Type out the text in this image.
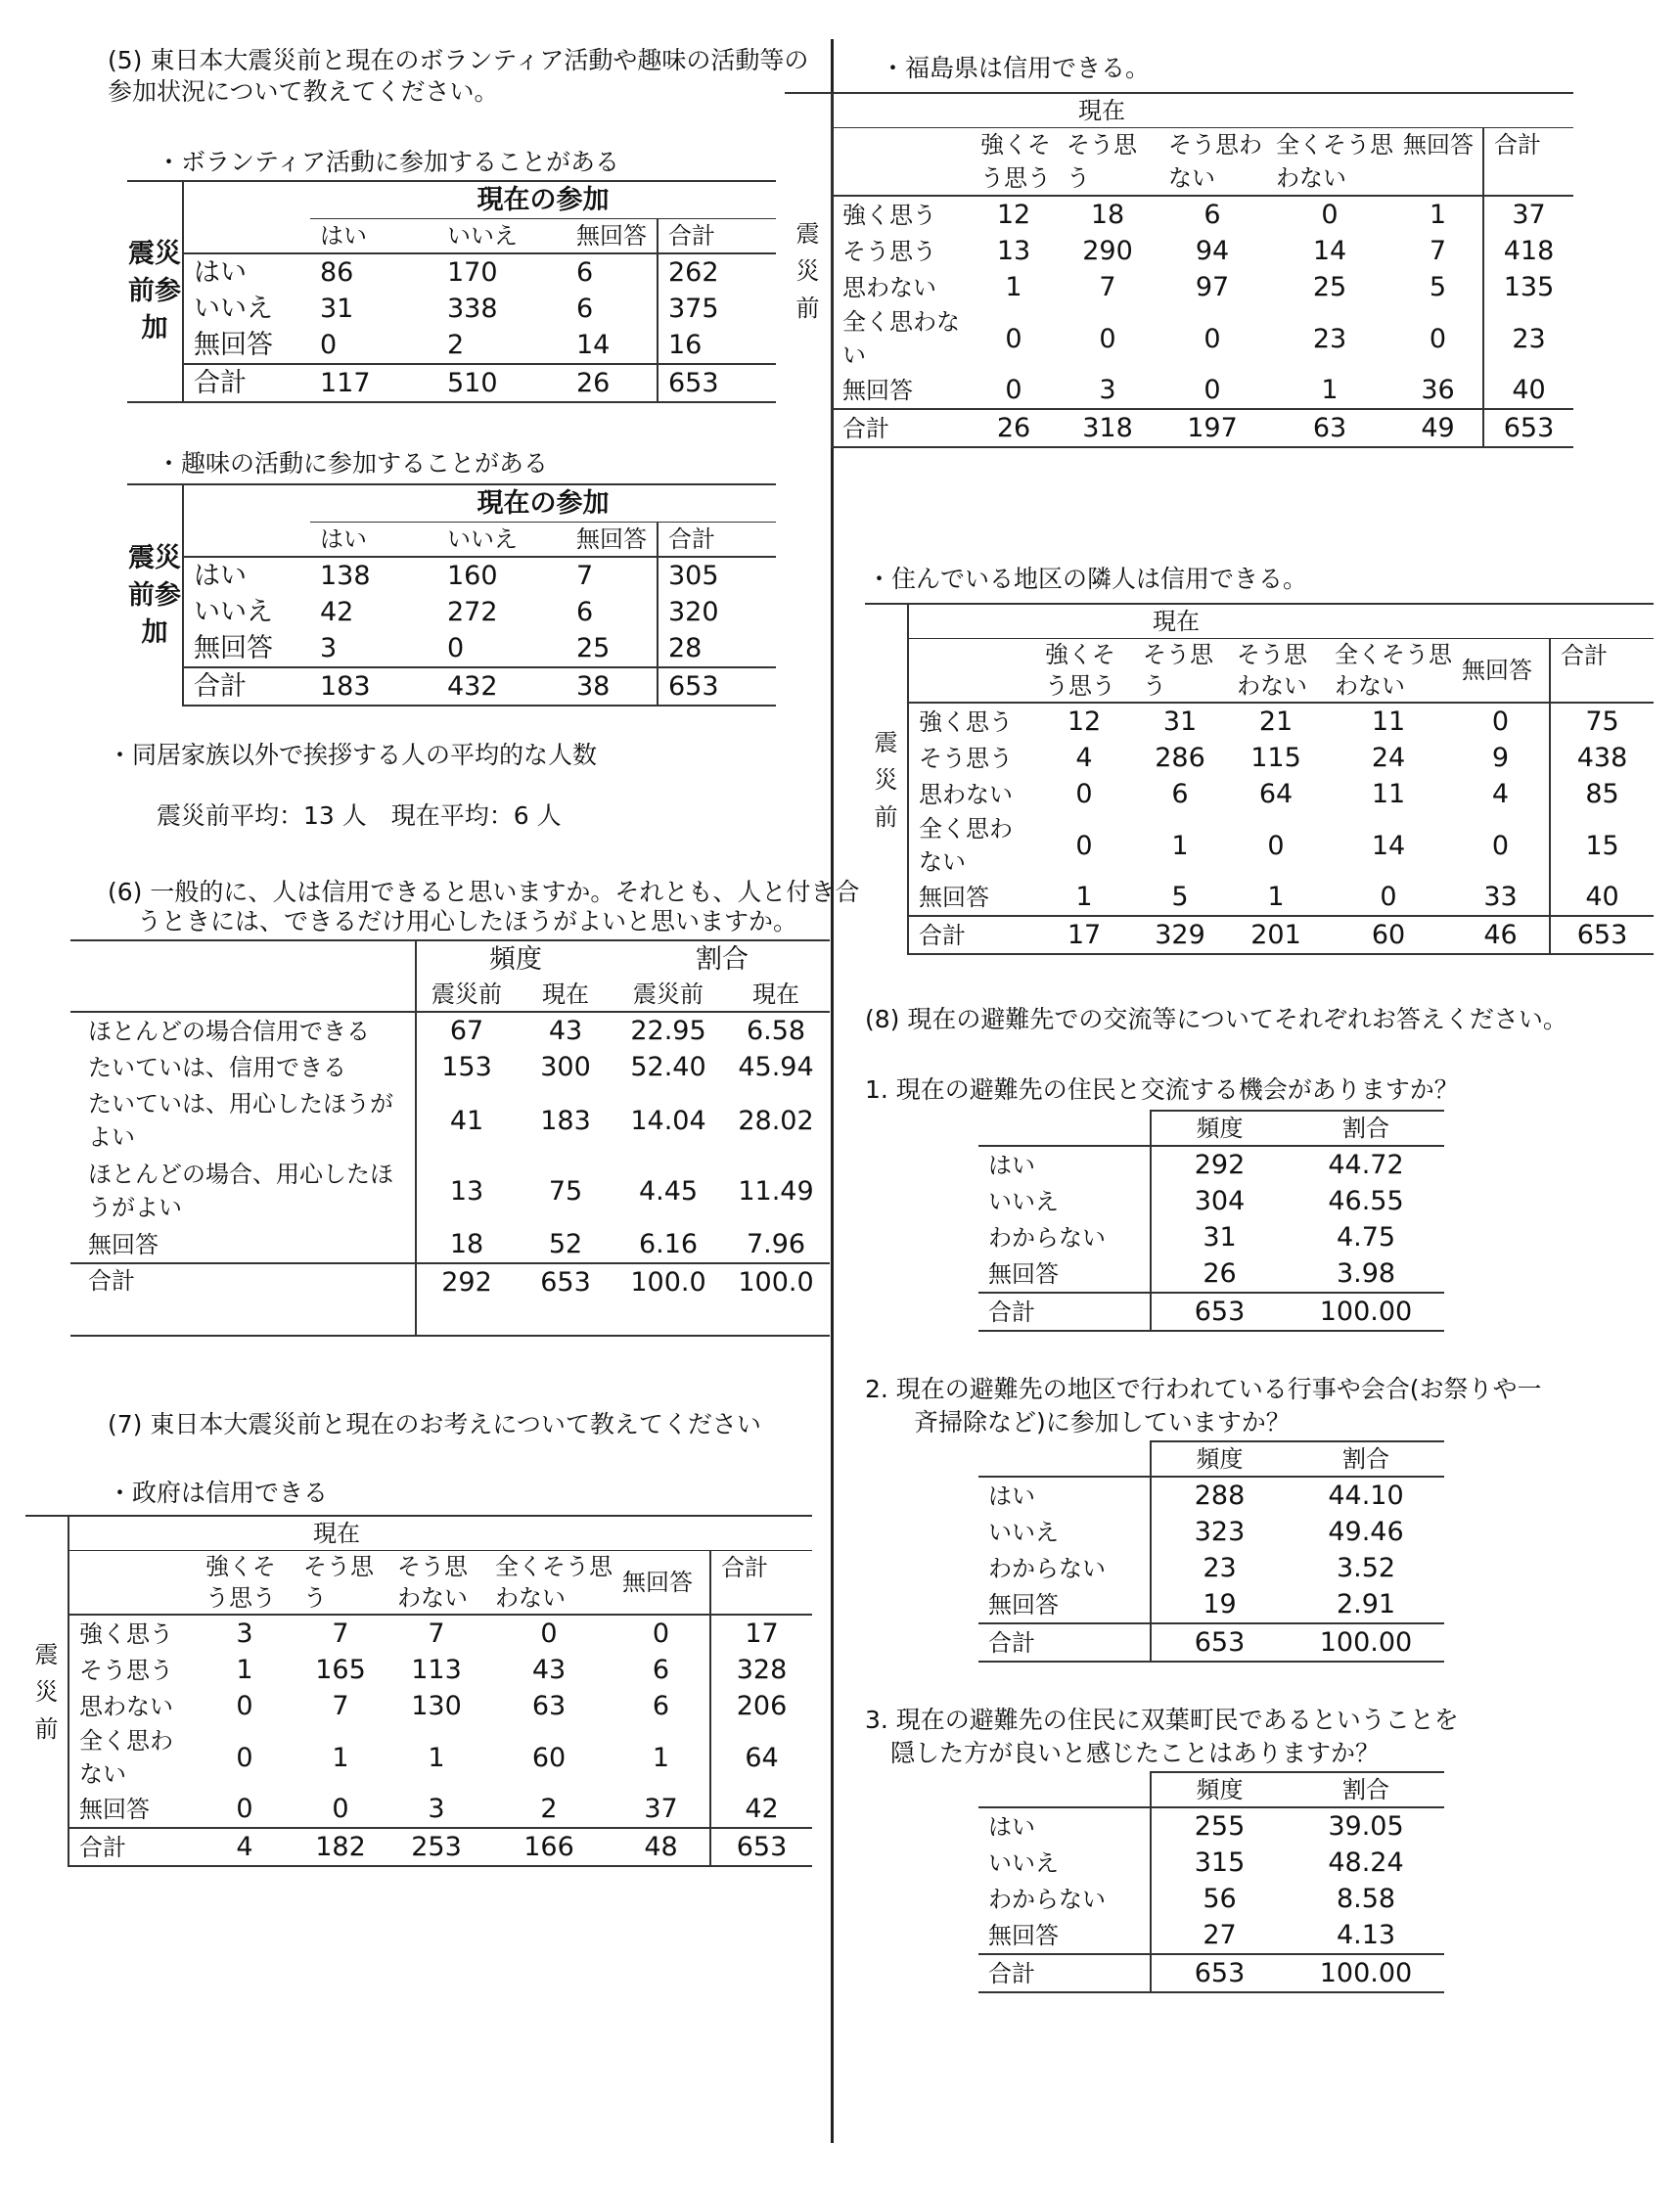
(5) 東日本大震災前と現在のボランティア活動や趣味の活動等の
参加状況について教えてください。
・ボランティア活動に参加することがある
震災前参加		現在の参加			
		はい	いいえ	無回答	合計
	はい	86	170	6	262
	いいえ	31	338	6	375
	無回答	0	2	14	16
	合計	117	510	26	653
・趣味の活動に参加することがある
震災前参加		現在の参加			
		はい	いいえ	無回答	合計
	はい	138	160	7	305
	いいえ	42	272	6	320
	無回答	3	0	25	28
	合計	183	432	38	653
・同居家族以外で挨拶する人の平均的な人数
震災前平均：13 人　現在平均：6 人
(6) 一般的に、人は信用できると思いますか。それとも、人と付き合
うときには、できるだけ用心したほうがよいと思いますか。
	頻度		割合	
	震災前	現在	震災前	現在
ほとんどの場合信用できる	67	43	22.95	6.58
たいていは、信用できる	153	300	52.40	45.94
たいていは、用心したほうがよい	41	183	14.04	28.02
ほとんどの場合、用心したほうがよい	13	75	4.45	11.49
無回答	18	52	6.16	7.96
合計	292	653	100.0	100.0
(7) 東日本大震災前と現在のお考えについて教えてください
・政府は信用できる
震災前		現在					
		強くそう思う	そう思う	そう思わない	全くそう思わない	無回答	合計
	強く思う	3	7	7	0	0	17
	そう思う	1	165	113	43	6	328
	思わない	0	7	130	63	6	206
	全く思わない	0	1	1	60	1	64
	無回答	0	0	3	2	37	42
	合計	4	182	253	166	48	653
・福島県は信用できる。
震災前		現在					
		強くそう思う	そう思う	そう思わない	全くそう思わない	無回答	合計
	強く思う	12	18	6	0	1	37
	そう思う	13	290	94	14	7	418
	思わない	1	7	97	25	5	135
	全く思わない	0	0	0	23	0	23
	無回答	0	3	0	1	36	40
	合計	26	318	197	63	49	653
・住んでいる地区の隣人は信用できる。
震災前		現在					
		強くそう思う	そう思う	そう思わない	全くそう思わない	無回答	合計
	強く思う	12	31	21	11	0	75
	そう思う	4	286	115	24	9	438
	思わない	0	6	64	11	4	85
	全く思わない	0	1	0	14	0	15
	無回答	1	5	1	0	33	40
	合計	17	329	201	60	46	653
(8) 現在の避難先での交流等についてそれぞれお答えください。
1. 現在の避難先の住民と交流する機会がありますか？
	頻度	割合
はい	292	44.72
いいえ	304	46.55
わからない	31	4.75
無回答	26	3.98
合計	653	100.00
2. 現在の避難先の地区で行われている行事や会合(お祭りや一
斉掃除など)に参加していますか？
	頻度	割合
はい	288	44.10
いいえ	323	49.46
わからない	23	3.52
無回答	19	2.91
合計	653	100.00
3. 現在の避難先の住民に双葉町民であるということを
隠した方が良いと感じたことはありますか？
	頻度	割合
はい	255	39.05
いいえ	315	48.24
わからない	56	8.58
無回答	27	4.13
合計	653	100.00
